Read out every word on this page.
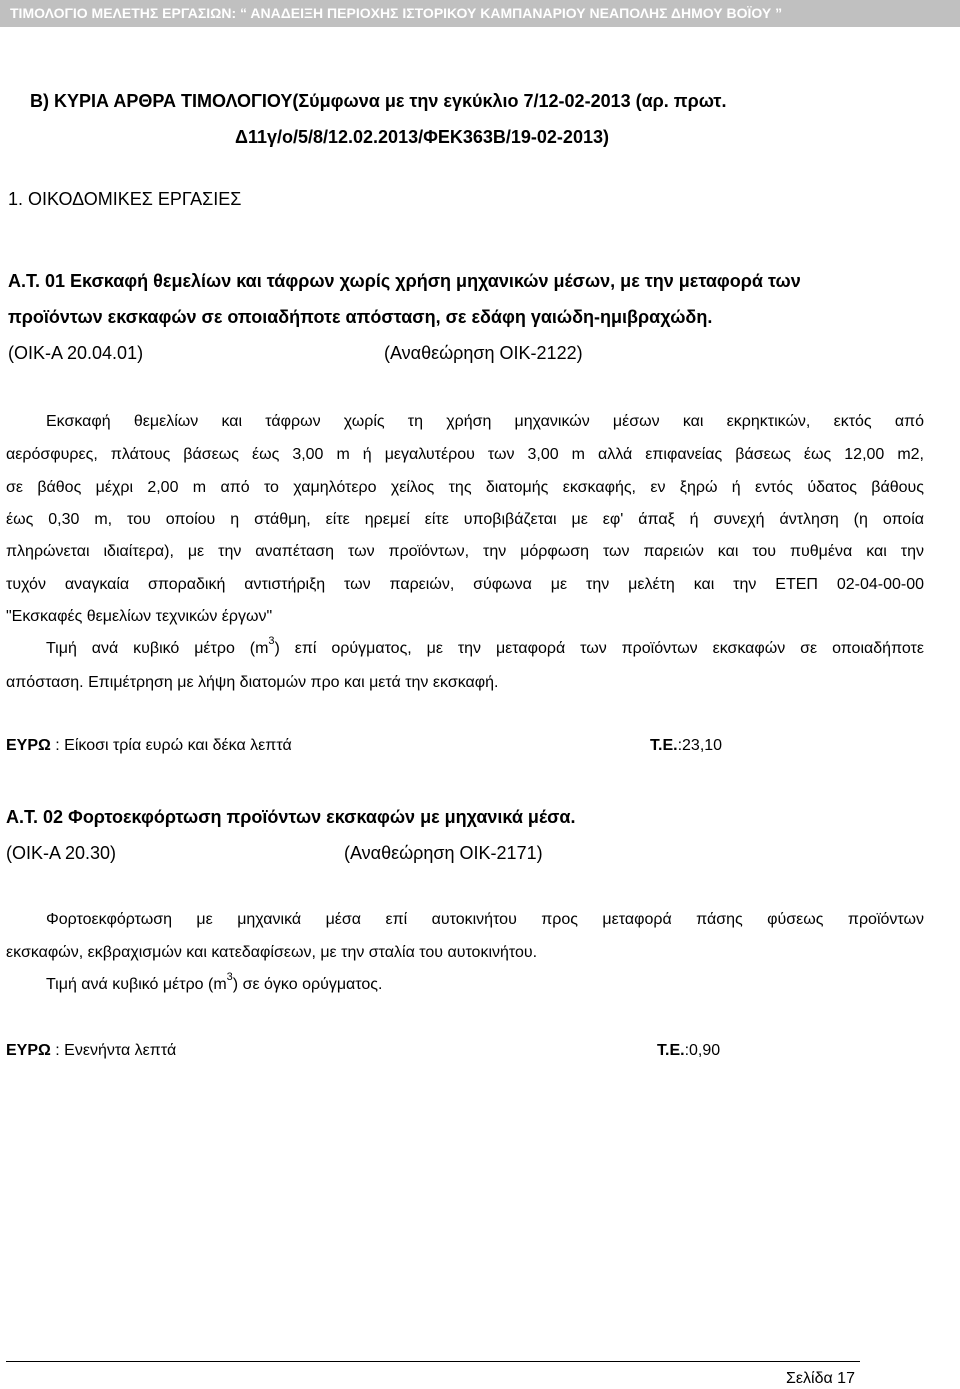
ΤΙΜΟΛΟΓΙΟ ΜΕΛΕΤΗΣ ΕΡΓΑΣΙΩΝ: “ ΑΝΑΔΕΙΞΗ ΠΕΡΙΟΧΗΣ ΙΣΤΟΡΙΚΟΥ ΚΑΜΠΑΝΑΡΙΟΥ ΝΕΑΠΟΛΗΣ ΔΗΜΟΥ ΒΟΪΟΥ ”
Β) ΚΥΡΙΑ ΑΡΘΡΑ ΤΙΜΟΛΟΓΙΟΥ(Σύμφωνα με την εγκύκλιο 7/12-02-2013 (αρ. πρωτ.
Δ11γ/ο/5/8/12.02.2013/ΦΕΚ363Β/19-02-2013)
1. ΟΙΚΟΔΟΜΙΚΕΣ ΕΡΓΑΣΙΕΣ
Α.Τ. 01 Εκσκαφή θεμελίων και τάφρων χωρίς χρήση μηχανικών μέσων, με την μεταφορά των
προϊόντων εκσκαφών σε οποιαδήποτε απόσταση, σε εδάφη γαιώδη-ημιβραχώδη.
(ΟΙΚ-Α 20.04.01)	(Αναθεώρηση ΟΙΚ-2122)
Εκσκαφή θεμελίων και τάφρων χωρίς τη χρήση μηχανικών μέσων και εκρηκτικών, εκτός από
αερόσφυρες, πλάτους βάσεως έως 3,00 m ή μεγαλυτέρου των 3,00 m αλλά επιφανείας βάσεως έως 12,00 m2,
σε βάθος μέχρι 2,00 m από το χαμηλότερο χείλος της διατομής εκσκαφής, εν ξηρώ ή εντός ύδατος βάθους
έως 0,30 m, του οποίου η στάθμη, είτε ηρεμεί είτε υποβιβάζεται με εφ' άπαξ ή συνεχή άντληση (η οποία
πληρώνεται ιδιαίτερα), με την αναπέταση των προϊόντων, την μόρφωση των παρειών και του πυθμένα και την
τυχόν αναγκαία σποραδική αντιστήριξη των παρειών, σύφωνα με την μελέτη και την ΕΤΕΠ 02-04-00-00
"Εκσκαφές θεμελίων τεχνικών έργων"
Τιμή ανά κυβικό μέτρο $(m^3)$ επί ορύγματος, με την μεταφορά των προϊόντων εκσκαφών σε οποιαδήποτε
απόσταση. Επιμέτρηση με λήψη διατομών προ και μετά την εκσκαφή.
ΕΥΡΩ : Είκοσι τρία ευρώ και δέκα λεπτά	Τ.Ε.:23,10
Α.Τ. 02 Φορτοεκφόρτωση προϊόντων εκσκαφών με μηχανικά μέσα.
(ΟΙΚ-Α 20.30)	(Αναθεώρηση ΟΙΚ-2171)
Φορτοεκφόρτωση με μηχανικά μέσα επί αυτοκινήτου προς μεταφορά πάσης φύσεως προϊόντων
εκσκαφών, εκβραχισμών και κατεδαφίσεων, με την σταλία του αυτοκινήτου.
Τιμή ανά κυβικό μέτρο $(m^3)$ σε όγκο ορύγματος.
ΕΥΡΩ : Ενενήντα λεπτά	Τ.Ε.:0,90
Σελίδα 17
